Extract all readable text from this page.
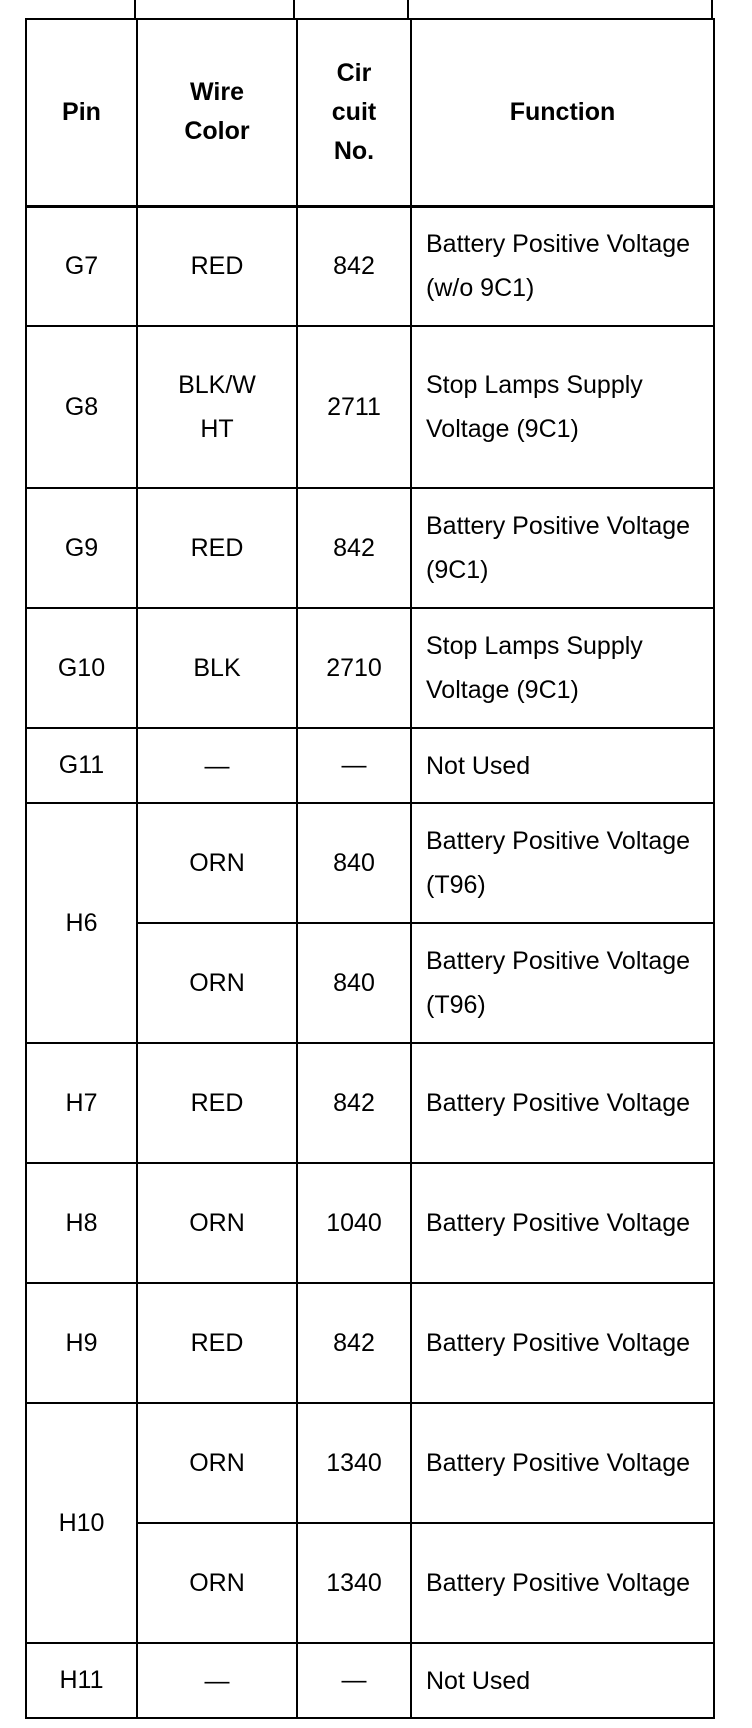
Pin	Wire Color	Cir cuit No.	Function
G7	RED	842	Battery Positive Voltage (w/o 9C1)
G8	BLK/W HT	2711	Stop Lamps Supply Voltage (9C1)
G9	RED	842	Battery Positive Voltage (9C1)
G10	BLK	2710	Stop Lamps Supply Voltage (9C1)
G11	—	—	Not Used
H6	ORN	840	Battery Positive Voltage (T96)
	ORN	840	Battery Positive Voltage (T96)
H7	RED	842	Battery Positive Voltage
H8	ORN	1040	Battery Positive Voltage
H9	RED	842	Battery Positive Voltage
H10	ORN	1340	Battery Positive Voltage
	ORN	1340	Battery Positive Voltage
H11	—	—	Not Used
